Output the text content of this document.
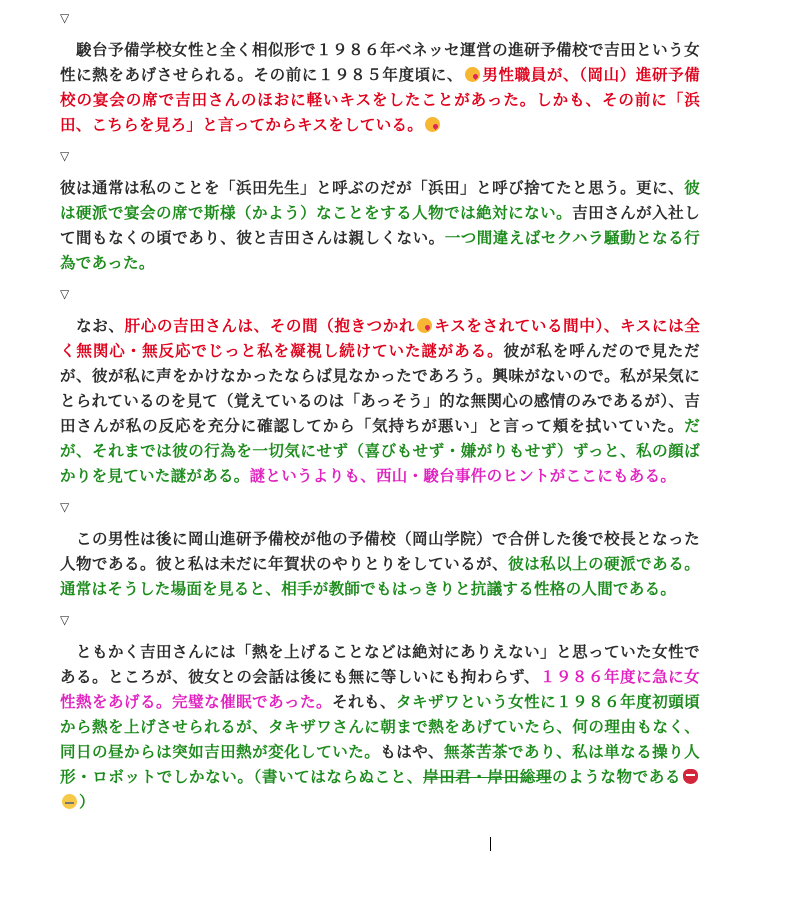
▽

　駿台予備学校女性と全く相似形で１９８６年ベネッセ運営の進研予備校で吉田という女性に熱をあげさせられる。その前に１９８５年度頃に、 男性職員が、（岡山）進研予備校の宴会の席で吉田さんのほおに軽いキスをしたことがあった。しかも、その前に「浜田、こちらを見ろ」と言ってからキスをしている。

▽

彼は通常は私のことを「浜田先生」と呼ぶのだが「浜田」と呼び捨てたと思う。更に、彼は硬派で宴会の席で斯様（かよう）なことをする人物では絶対にない。吉田さんが入社して間もなくの頃であり、彼と吉田さんは親しくない。一つ間違えばセクハラ騒動となる行為であった。

▽

　なお、肝心の吉田さんは、その間（抱きつかれ キスをされている間中）、キスには全く無関心・無反応でじっと私を凝視し続けていた謎がある。彼が私を呼んだので見ただが、彼が私に声をかけなかったならば見なかったであろう。興味がないので。私が呆気にとられているのを見て（覚えているのは「あっそう」的な無関心の感情のみであるが）、吉田さんが私の反応を充分に確認してから「気持ちが悪い」と言って頬を拭いていた。だが、それまでは彼の行為を一切気にせず（喜びもせず・嫌がりもせず）ずっと、私の顔ばかりを見ていた謎がある。謎というよりも、西山・駿台事件のヒントがここにもある。

▽

　この男性は後に岡山進研予備校が他の予備校（岡山学院）で合併した後で校長となった人物である。彼と私は未だに年賀状のやりとりをしているが、彼は私以上の硬派である。通常はそうした場面を見ると、相手が教師でもはっきりと抗議する性格の人間である。

▽

　ともかく吉田さんには「熱を上げることなどは絶対にありえない」と思っていた女性である。ところが、彼女との会話は後にも無に等しいにも拘わらず、１９８６年度に急に女性熱をあげる。完璧な催眠であった。それも、タキザワという女性に１９８６年度初頭頃から熱を上げさせられるが、タキザワさんに朝まで熱をあげていたら、何の理由もなく、同日の昼からは突如吉田熱が変化していた。もはや、無茶苦茶であり、私は単なる操り人形・ロボットでしかない。（書いてはならぬこと、岸田君・岸田総理のような物である）
